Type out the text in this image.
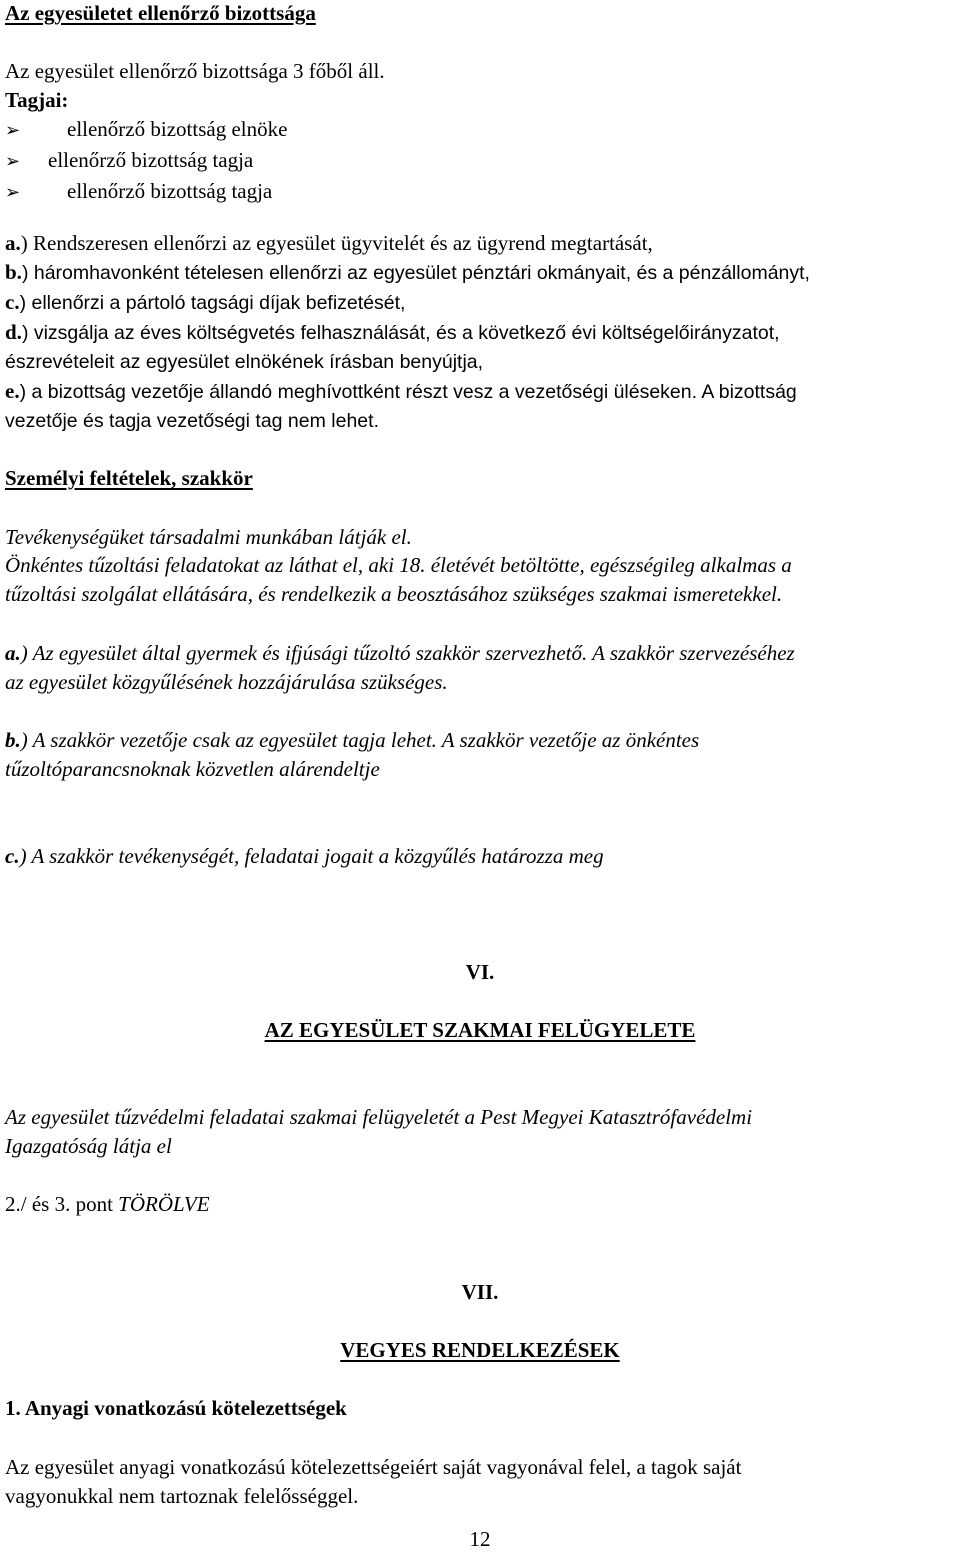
Az egyesületet ellenőrző bizottsága

Az egyesület ellenőrző bizottsága 3 főből áll.

Tagjai:

➢ ellenőrző bizottság elnöke
➢ ellenőrző bizottság tagja
➢ ellenőrző bizottság tagja
a.) Rendszeresen ellenőrzi az egyesület ügyvitelét és az ügyrend megtartását,
b.) háromhavonként tételesen ellenőrzi az egyesület pénztári okmányait, és a pénzállományt,
c.) ellenőrzi a pártoló tagsági díjak befizetését,
d.) vizsgálja az éves költségvetés felhasználását, és a következő évi költségelőirányzatot,
észrevételeit az egyesület elnökének írásban benyújtja,
e.) a bizottság vezetője állandó meghívottként részt vesz a vezetőségi üléseken. A bizottság
vezetője és tagja vezetőségi tag nem lehet.

Személyi feltételek, szakkör

Tevékenységüket társadalmi munkában látják el.

Önkéntes tűzoltási feladatokat az láthat el, aki 18. életévét betöltötte, egészségileg alkalmas a

tűzoltási szolgálat ellátására, és rendelkezik a beosztásához szükséges szakmai ismeretekkel.

a.) Az egyesület által gyermek és ifjúsági tűzoltó szakkör szervezhető. A szakkör szervezéséhez

az egyesület közgyűlésének hozzájárulása szükséges.

b.) A szakkör vezetője csak az egyesület tagja lehet. A szakkör vezetője az önkéntes

tűzoltóparancsnoknak közvetlen alárendeltje

c.) A szakkör tevékenységét, feladatai jogait a közgyűlés határozza meg

VI.

AZ EGYESÜLET SZAKMAI FELÜGYELETE

Az egyesület tűzvédelmi feladatai szakmai felügyeletét a Pest Megyei Katasztrófavédelmi

Igazgatóság látja el

2./ és 3. pont TÖRÖLVE

VII.

VEGYES RENDELKEZÉSEK

1. Anyagi vonatkozású kötelezettségek

Az egyesület anyagi vonatkozású kötelezettségeiért saját vagyonával felel, a tagok saját

vagyonukkal nem tartoznak felelősséggel.

12
